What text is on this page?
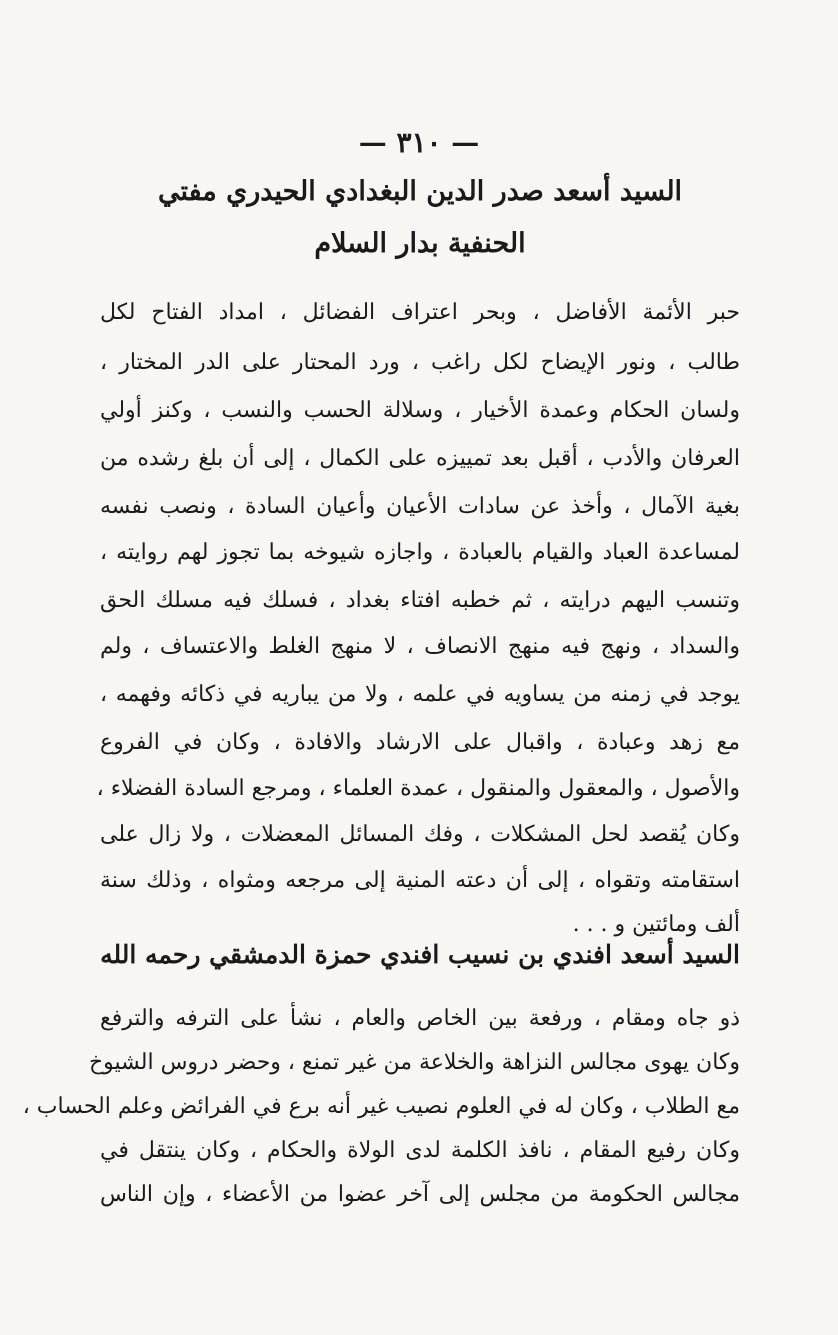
— ٣١٠ —
السيد أسعد صدر الدين البغدادي الحيدري مفتي
الحنفية بدار السلام
حبر الأئمة الأفاضل ، وبحر اعتراف الفضائل ، امداد الفتاح لكل
طالب ، ونور الإيضاح لكل راغب ، ورد المحتار على الدر المختار ،
ولسان الحكام وعمدة الأخيار ، وسلالة الحسب والنسب ، وكنز أولي
العرفان والأدب ، أقبل بعد تمييزه على الكمال ، إلى أن بلغ رشده من
بغية الآمال ، وأخذ عن سادات الأعيان وأعيان السادة ، ونصب نفسه
لمساعدة العباد والقيام بالعبادة ، واجازه شيوخه بما تجوز لهم روايته ،
وتنسب اليهم درايته ، ثم خطبه افتاء بغداد ، فسلك فيه مسلك الحق
والسداد ، ونهج فيه منهج الانصاف ، لا منهج الغلط والاعتساف ، ولم
يوجد في زمنه من يساويه في علمه ، ولا من يباريه في ذكائه وفهمه ،
مع زهد وعبادة ، واقبال على الارشاد والافادة ، وكان في الفروع
والأصول ، والمعقول والمنقول ، عمدة العلماء ، ومرجع السادة الفضلاء ،
وكان يُقصد لحل المشكلات ، وفك المسائل المعضلات ، ولا زال على
استقامته وتقواه ، إلى أن دعته المنية إلى مرجعه ومثواه ، وذلك سنة
ألف ومائتين و . . .
السيد أسعد افندي بن نسيب افندي حمزة الدمشقي رحمه الله
ذو جاه ومقام ، ورفعة بين الخاص والعام ، نشأ على الترفه والترفع
وكان يهوى مجالس النزاهة والخلاعة من غير تمنع ، وحضر دروس الشيوخ
مع الطلاب ، وكان له في العلوم نصيب غير أنه برع في الفرائض وعلم الحساب ،
وكان رفيع المقام ، نافذ الكلمة لدى الولاة والحكام ، وكان ينتقل في
مجالس الحكومة من مجلس إلى آخر عضوا من الأعضاء ، وإن الناس
